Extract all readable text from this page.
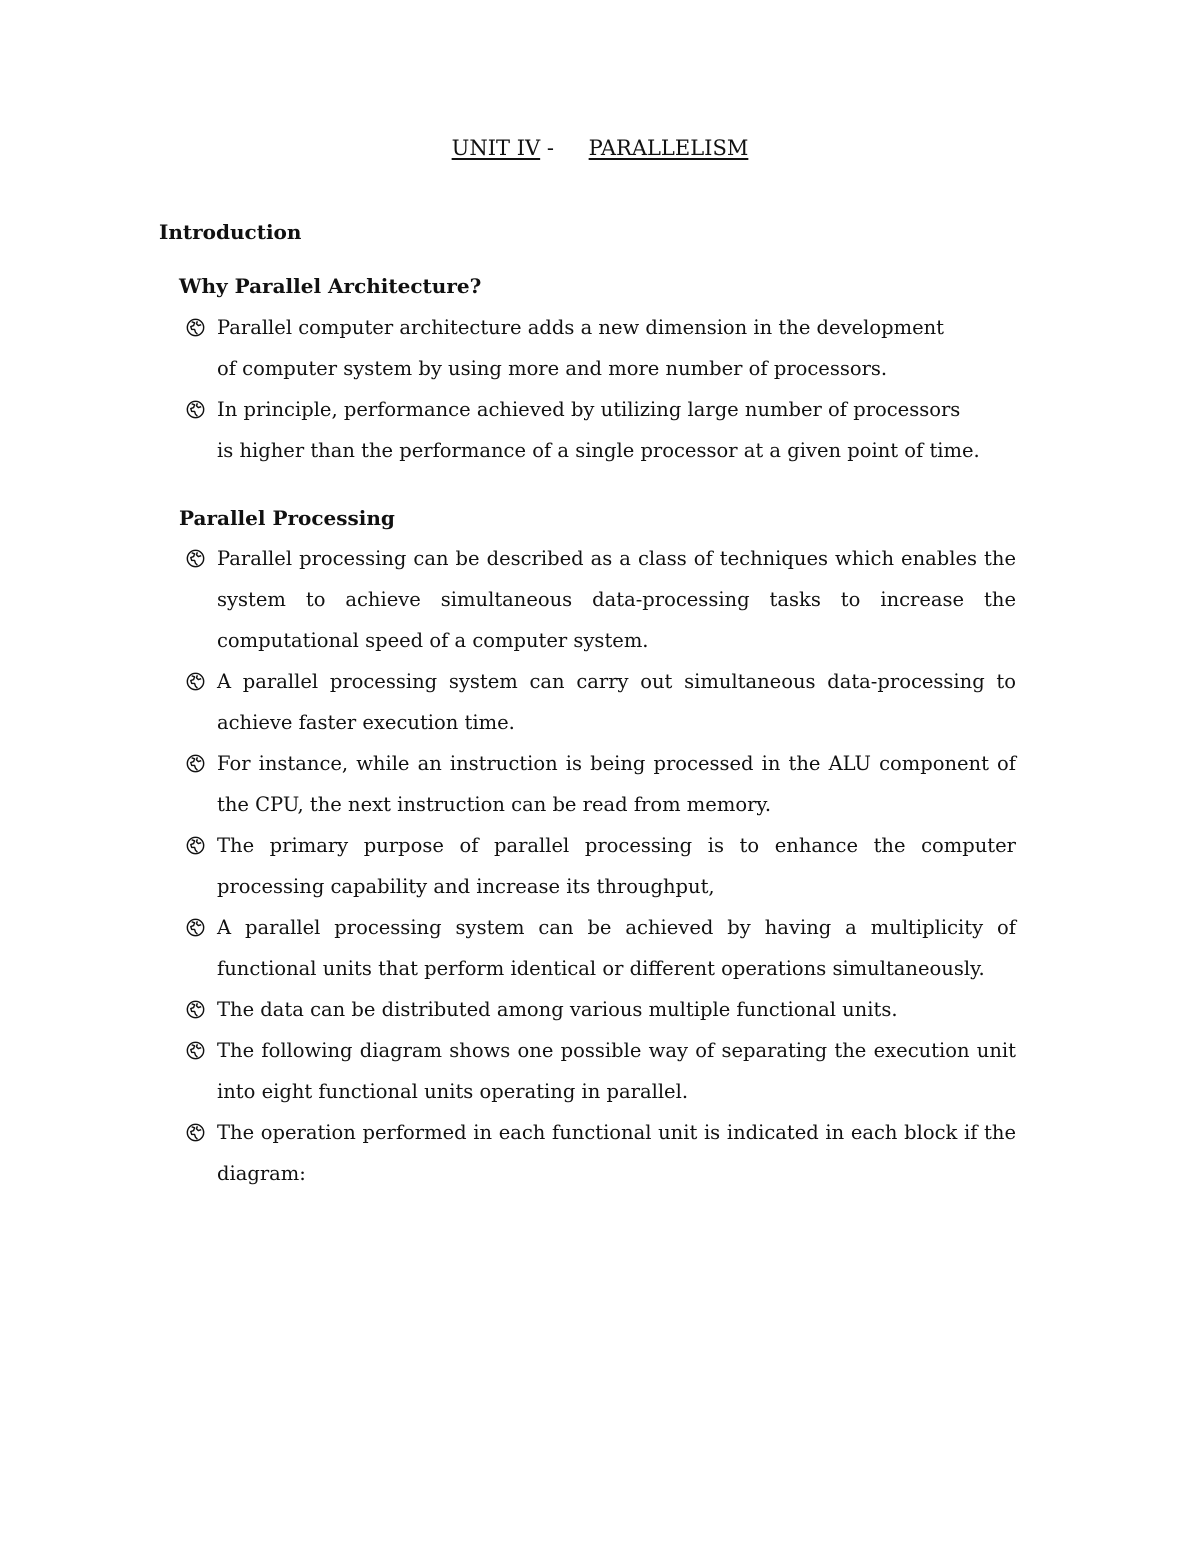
UNIT IV - PARALLELISM
Introduction
Why Parallel Architecture?
Parallel computer architecture adds a new dimension in the development
of computer system by using more and more number of processors.
In principle, performance achieved by utilizing large number of processors
is higher than the performance of a single processor at a given point of time.
Parallel Processing
Parallel processing can be described as a class of techniques which enables the system to achieve simultaneous data-processing tasks to increase the computational speed of a computer system.
A parallel processing system can carry out simultaneous data-processing to achieve faster execution time.
For instance, while an instruction is being processed in the ALU component of the CPU, the next instruction can be read from memory.
The primary purpose of parallel processing is to enhance the computer processing capability and increase its throughput,
A parallel processing system can be achieved by having a multiplicity of functional units that perform identical or different operations simultaneously.
The data can be distributed among various multiple functional units.
The following diagram shows one possible way of separating the execution unit into eight functional units operating in parallel.
The operation performed in each functional unit is indicated in each block if the diagram:
